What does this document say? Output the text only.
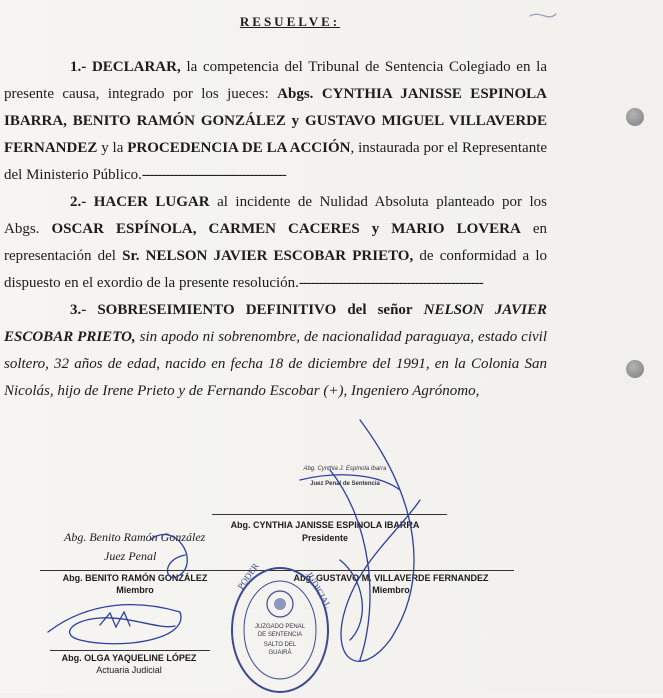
·
RESUELVE:

1.- DECLARAR, la competencia del Tribunal de Sentencia Colegiado en la presente causa, integrado por los jueces: Abgs. CYNTHIA JANISSE ESPINOLA IBARRA, BENITO RAMÓN GONZÁLEZ y GUSTAVO MIGUEL VILLAVERDE FERNANDEZ y la PROCEDENCIA DE LA ACCIÓN, instaurada por el Representante del Ministerio Público.------------------------------------

2.- HACER LUGAR al incidente de Nulidad Absoluta planteado por los Abgs. OSCAR ESPÍNOLA, CARMEN CACERES y MARIO LOVERA en representación del Sr. NELSON JAVIER ESCOBAR PRIETO, de conformidad a lo dispuesto en el exordio de la presente resolución.----------------------------------------------

3.- SOBRESEIMIENTO DEFINITIVO del señor NELSON JAVIER ESCOBAR PRIETO, sin apodo ni sobrenombre, de nacionalidad paraguaya, estado civil soltero, 32 años de edad, nacido en fecha 18 de diciembre del 1991, en la Colonia San Nicolás, hijo de Irene Prieto y de Fernando Escobar (+), Ingeniero Agrónomo,

Abg. CYNTHIA JANISSE ESPINOLA IBARRA
Presidente
Abg. Benito Ramón González
Juez Penal
Abg. BENITO RAMÓN GONZÁLEZ
Miembro
Abg. GUSTAVO M. VILLAVERDE FERNANDEZ
Miembro
Abg. OLGA YAQUELINE LÓPEZ
Actuaria Judicial
Abg. Cynthia J. Espínola Ibarra
Juez Penal de Sentencia
PODER	JUDICIAL
JUZGADO PENAL
DE SENTENCIA
SALTO DEL
GUAIRÁ
